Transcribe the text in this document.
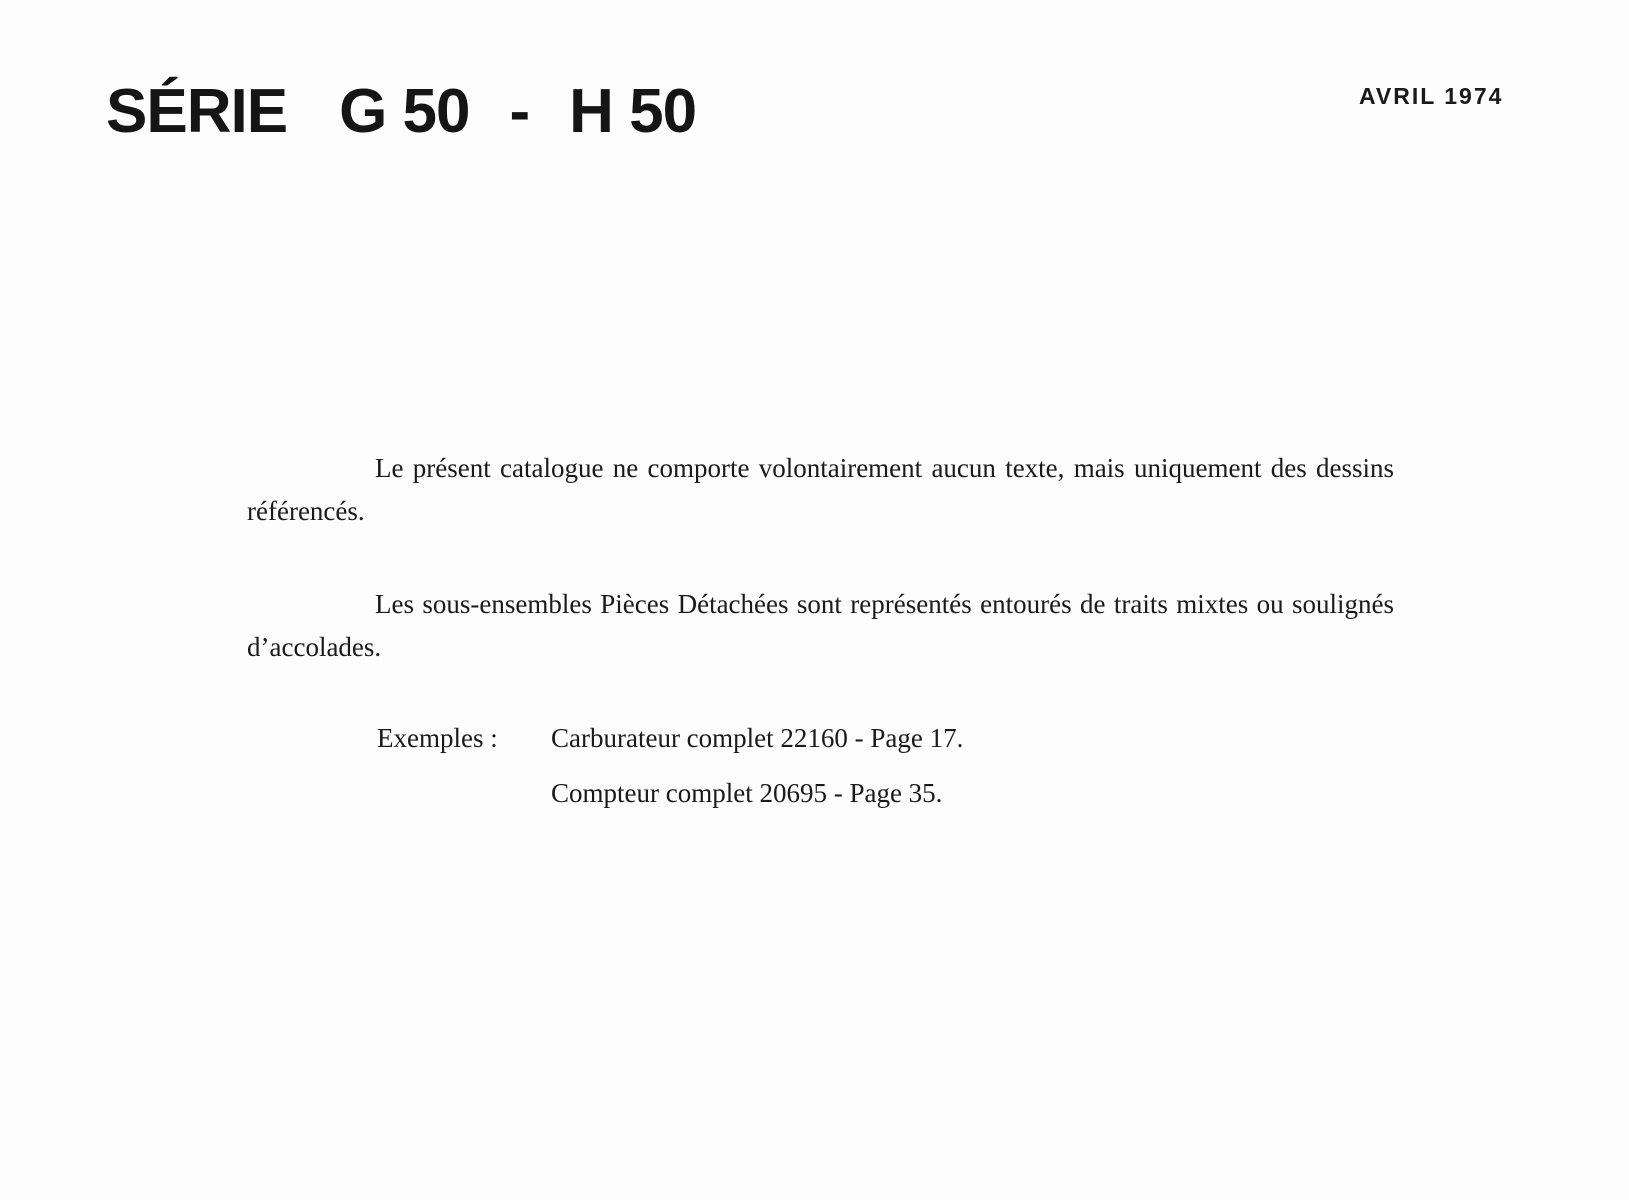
SÉRIE G 50 - H 50	AVRIL 1974
Le présent catalogue ne comporte volontairement aucun texte, mais uniquement des dessins référencés.
Les sous-ensembles Pièces Détachées sont représentés entourés de traits mixtes ou soulignés d’accolades.
Exemples : Carburateur complet 22160 - Page 17.
Compteur complet 20695 - Page 35.
